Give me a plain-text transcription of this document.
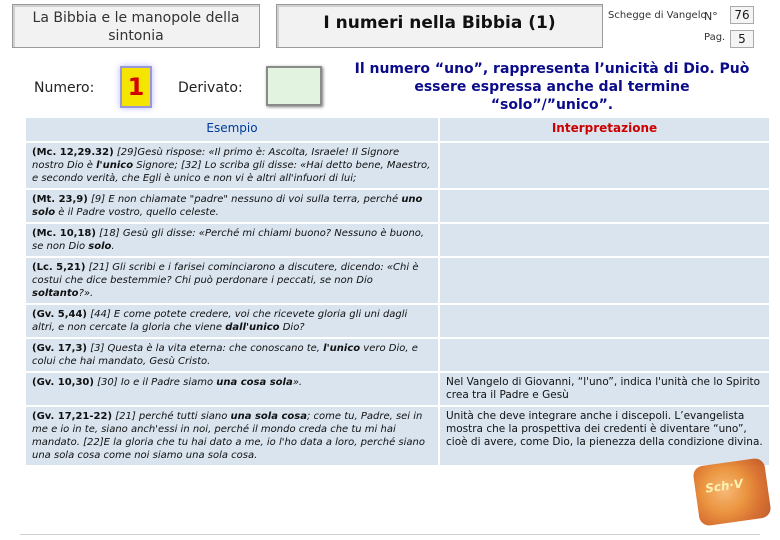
La Bibbia e le manopole della sintonia
I numeri nella Bibbia (1)	Schegge di Vangelo
N°
Pag.
76
5
Numero:	1	Derivato:
Il numero “uno”, rappresenta l’unicità di Dio. Può essere espressa anche dal termine “solo”/”unico”.
Esempio	Interpretazione
(Mc. 12,29.32) [29]Gesù rispose: «Il primo è: Ascolta, Israele! Il Signore nostro Dio è l'unico Signore; [32] Lo scriba gli disse: «Hai detto bene, Maestro, e secondo verità, che Egli è unico e non vi è altri all'infuori di lui;	
(Mt. 23,9) [9] E non chiamate "padre" nessuno di voi sulla terra, perché uno solo è il Padre vostro, quello celeste.	
(Mc. 10,18) [18] Gesù gli disse: «Perché mi chiami buono? Nessuno è buono, se non Dio solo.	
(Lc. 5,21) [21] Gli scribi e i farisei cominciarono a discutere, dicendo: «Chi è costui che dice bestemmie? Chi può perdonare i peccati, se non Dio soltanto?».	
(Gv. 5,44) [44] E come potete credere, voi che ricevete gloria gli uni dagli altri, e non cercate la gloria che viene dall'unico Dio?	
(Gv. 17,3) [3] Questa è la vita eterna: che conoscano te, l'unico vero Dio, e colui che hai mandato, Gesù Cristo.	
(Gv. 10,30) [30] Io e il Padre siamo una cosa sola».	Nel Vangelo di Giovanni, “l'uno”, indica l'unità che lo Spirito crea tra il Padre e Gesù
(Gv. 17,21-22) [21] perché tutti siano una sola cosa; come tu, Padre, sei in me e io in te, siano anch'essi in noi, perché il mondo creda che tu mi hai mandato. [22]E la gloria che tu hai dato a me, io l'ho data a loro, perché siano una sola cosa come noi siamo una sola cosa.	Unità che deve integrare anche i discepoli. L’evangelista mostra che la prospettiva dei credenti è diventare “uno”, cioè di avere, come Dio, la pienezza della condizione divina.
Sch·V
